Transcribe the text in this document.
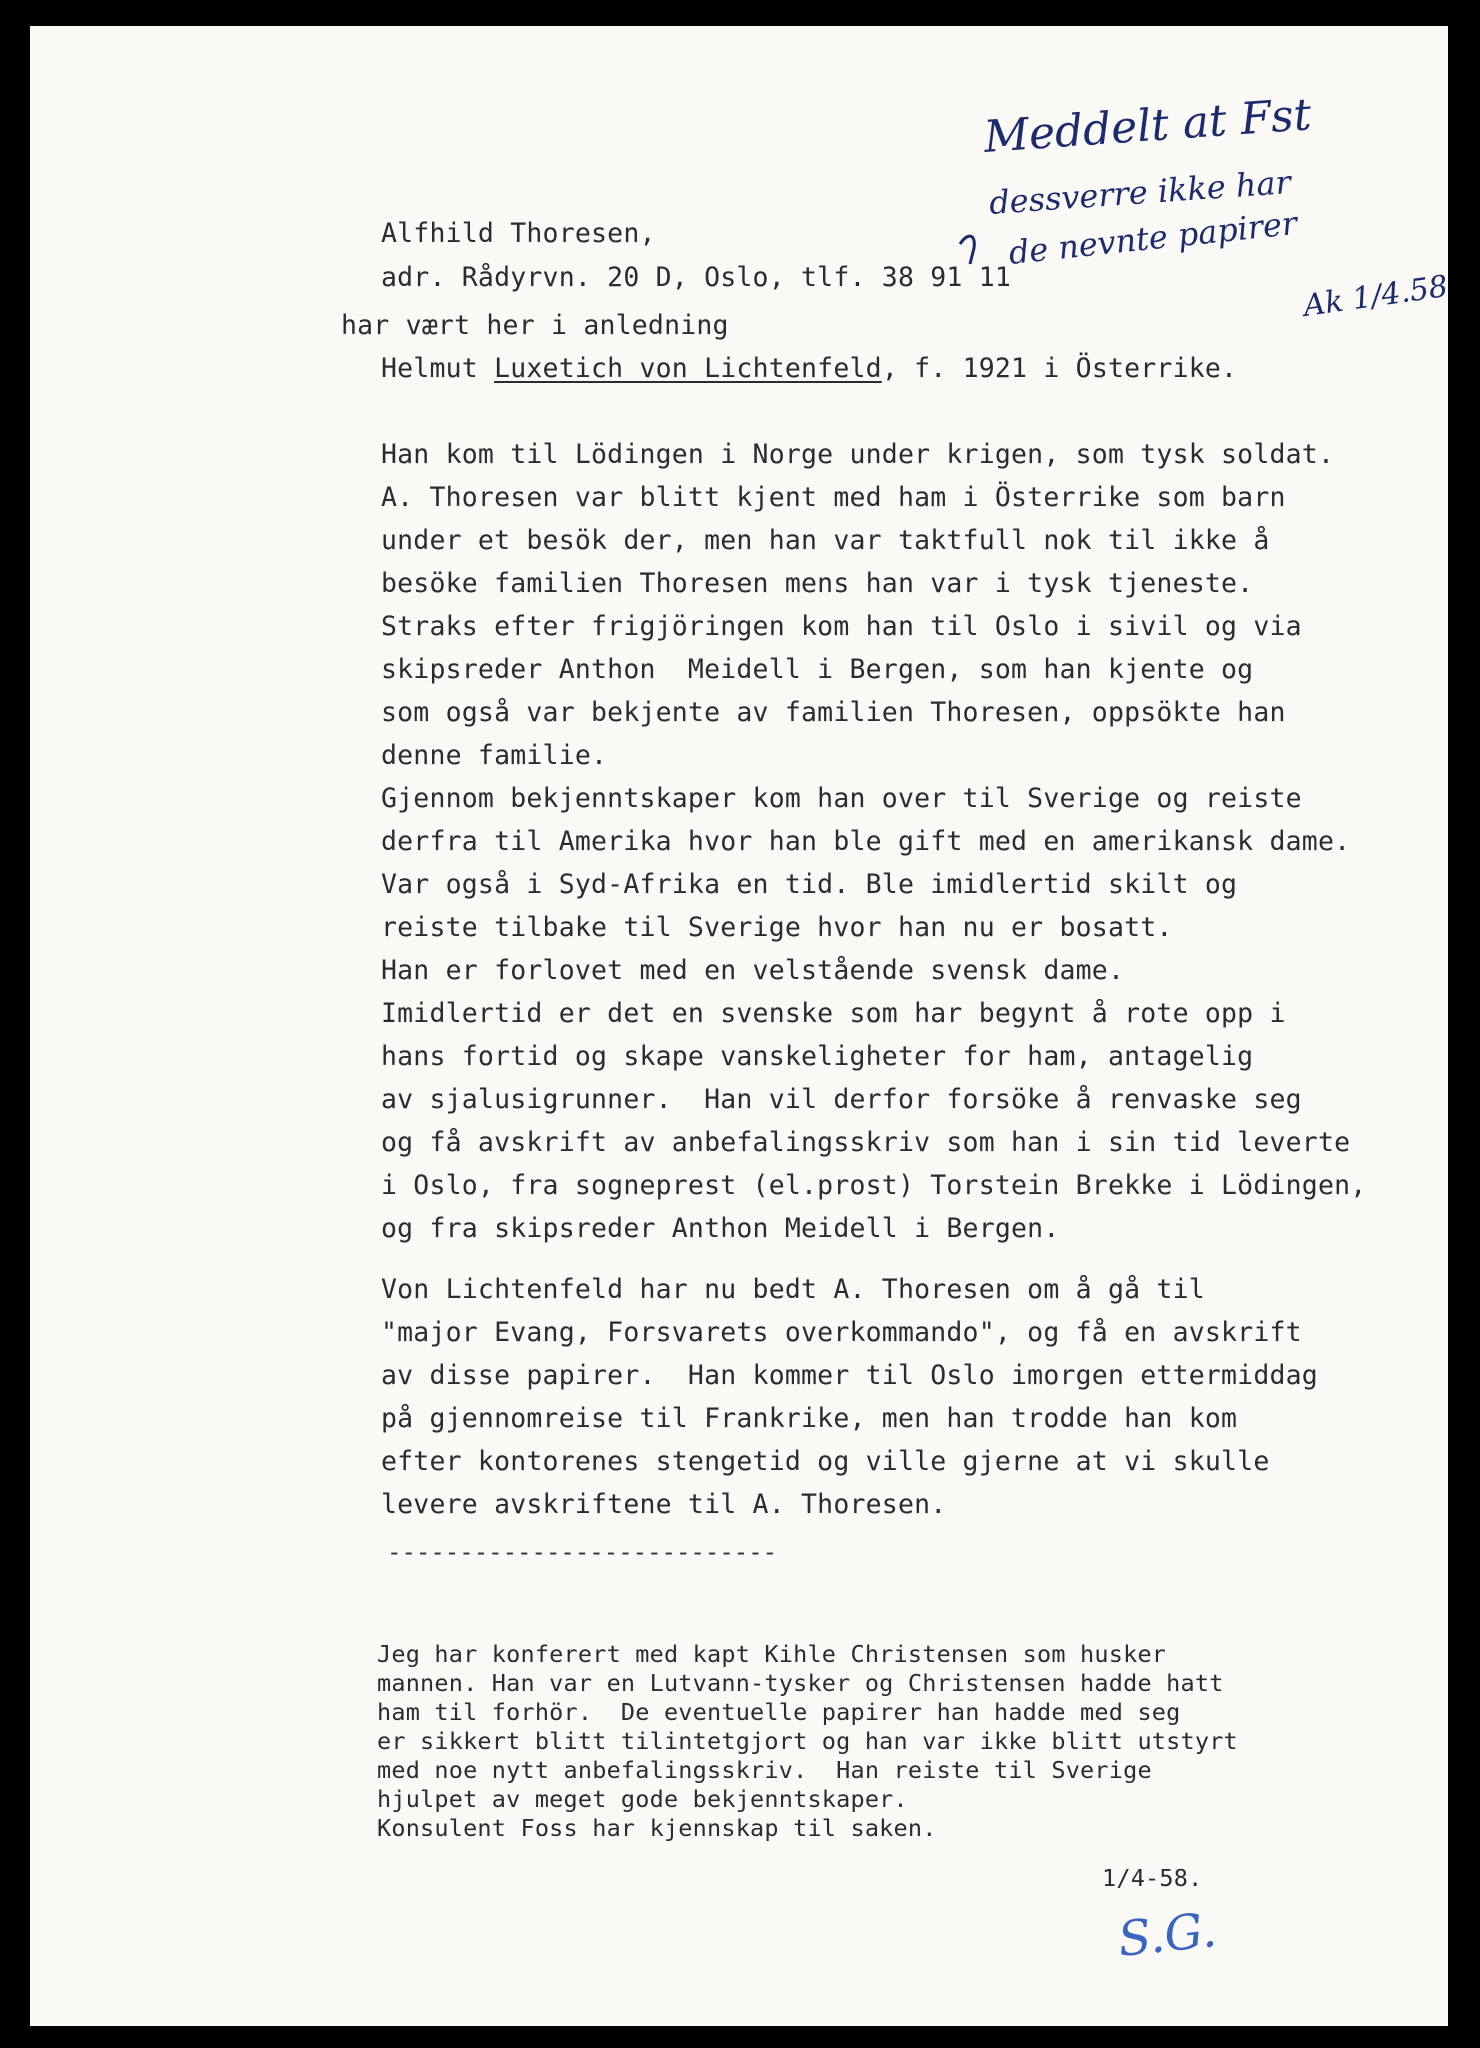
Meddelt at Fst
dessverre ikke har
de nevnte papirer
Ak 1/4.58
Alfhild Thoresen,
adr. Rådyrvn. 20 D, Oslo, tlf. 38 91 11
har vært her i anledning
Helmut Luxetich von Lichtenfeld, f. 1921 i Österrike.
Han kom til Lödingen i Norge under krigen, som tysk soldat.
A. Thoresen var blitt kjent med ham i Österrike som barn
under et besök der, men han var taktfull nok til ikke å
besöke familien Thoresen mens han var i tysk tjeneste.
Straks efter frigjöringen kom han til Oslo i sivil og via
skipsreder Anthon  Meidell i Bergen, som han kjente og
som også var bekjente av familien Thoresen, oppsökte han
denne familie.
Gjennom bekjenntskaper kom han over til Sverige og reiste
derfra til Amerika hvor han ble gift med en amerikansk dame.
Var også i Syd-Afrika en tid. Ble imidlertid skilt og
reiste tilbake til Sverige hvor han nu er bosatt.
Han er forlovet med en velstående svensk dame.
Imidlertid er det en svenske som har begynt å rote opp i
hans fortid og skape vanskeligheter for ham, antagelig
av sjalusigrunner.  Han vil derfor forsöke å renvaske seg
og få avskrift av anbefalingsskriv som han i sin tid leverte
i Oslo, fra sogneprest (el.prost) Torstein Brekke i Lödingen,
og fra skipsreder Anthon Meidell i Bergen.
Von Lichtenfeld har nu bedt A. Thoresen om å gå til
"major Evang, Forsvarets overkommando", og få en avskrift
av disse papirer.  Han kommer til Oslo imorgen ettermiddag
på gjennomreise til Frankrike, men han trodde han kom
efter kontorenes stengetid og ville gjerne at vi skulle
levere avskriftene til A. Thoresen.
---------------------------
Jeg har konferert med kapt Kihle Christensen som husker
mannen. Han var en Lutvann-tysker og Christensen hadde hatt
ham til forhör.  De eventuelle papirer han hadde med seg
er sikkert blitt tilintetgjort og han var ikke blitt utstyrt
med noe nytt anbefalingsskriv.  Han reiste til Sverige
hjulpet av meget gode bekjenntskaper.
Konsulent Foss har kjennskap til saken.
1/4-58.
S.G.
